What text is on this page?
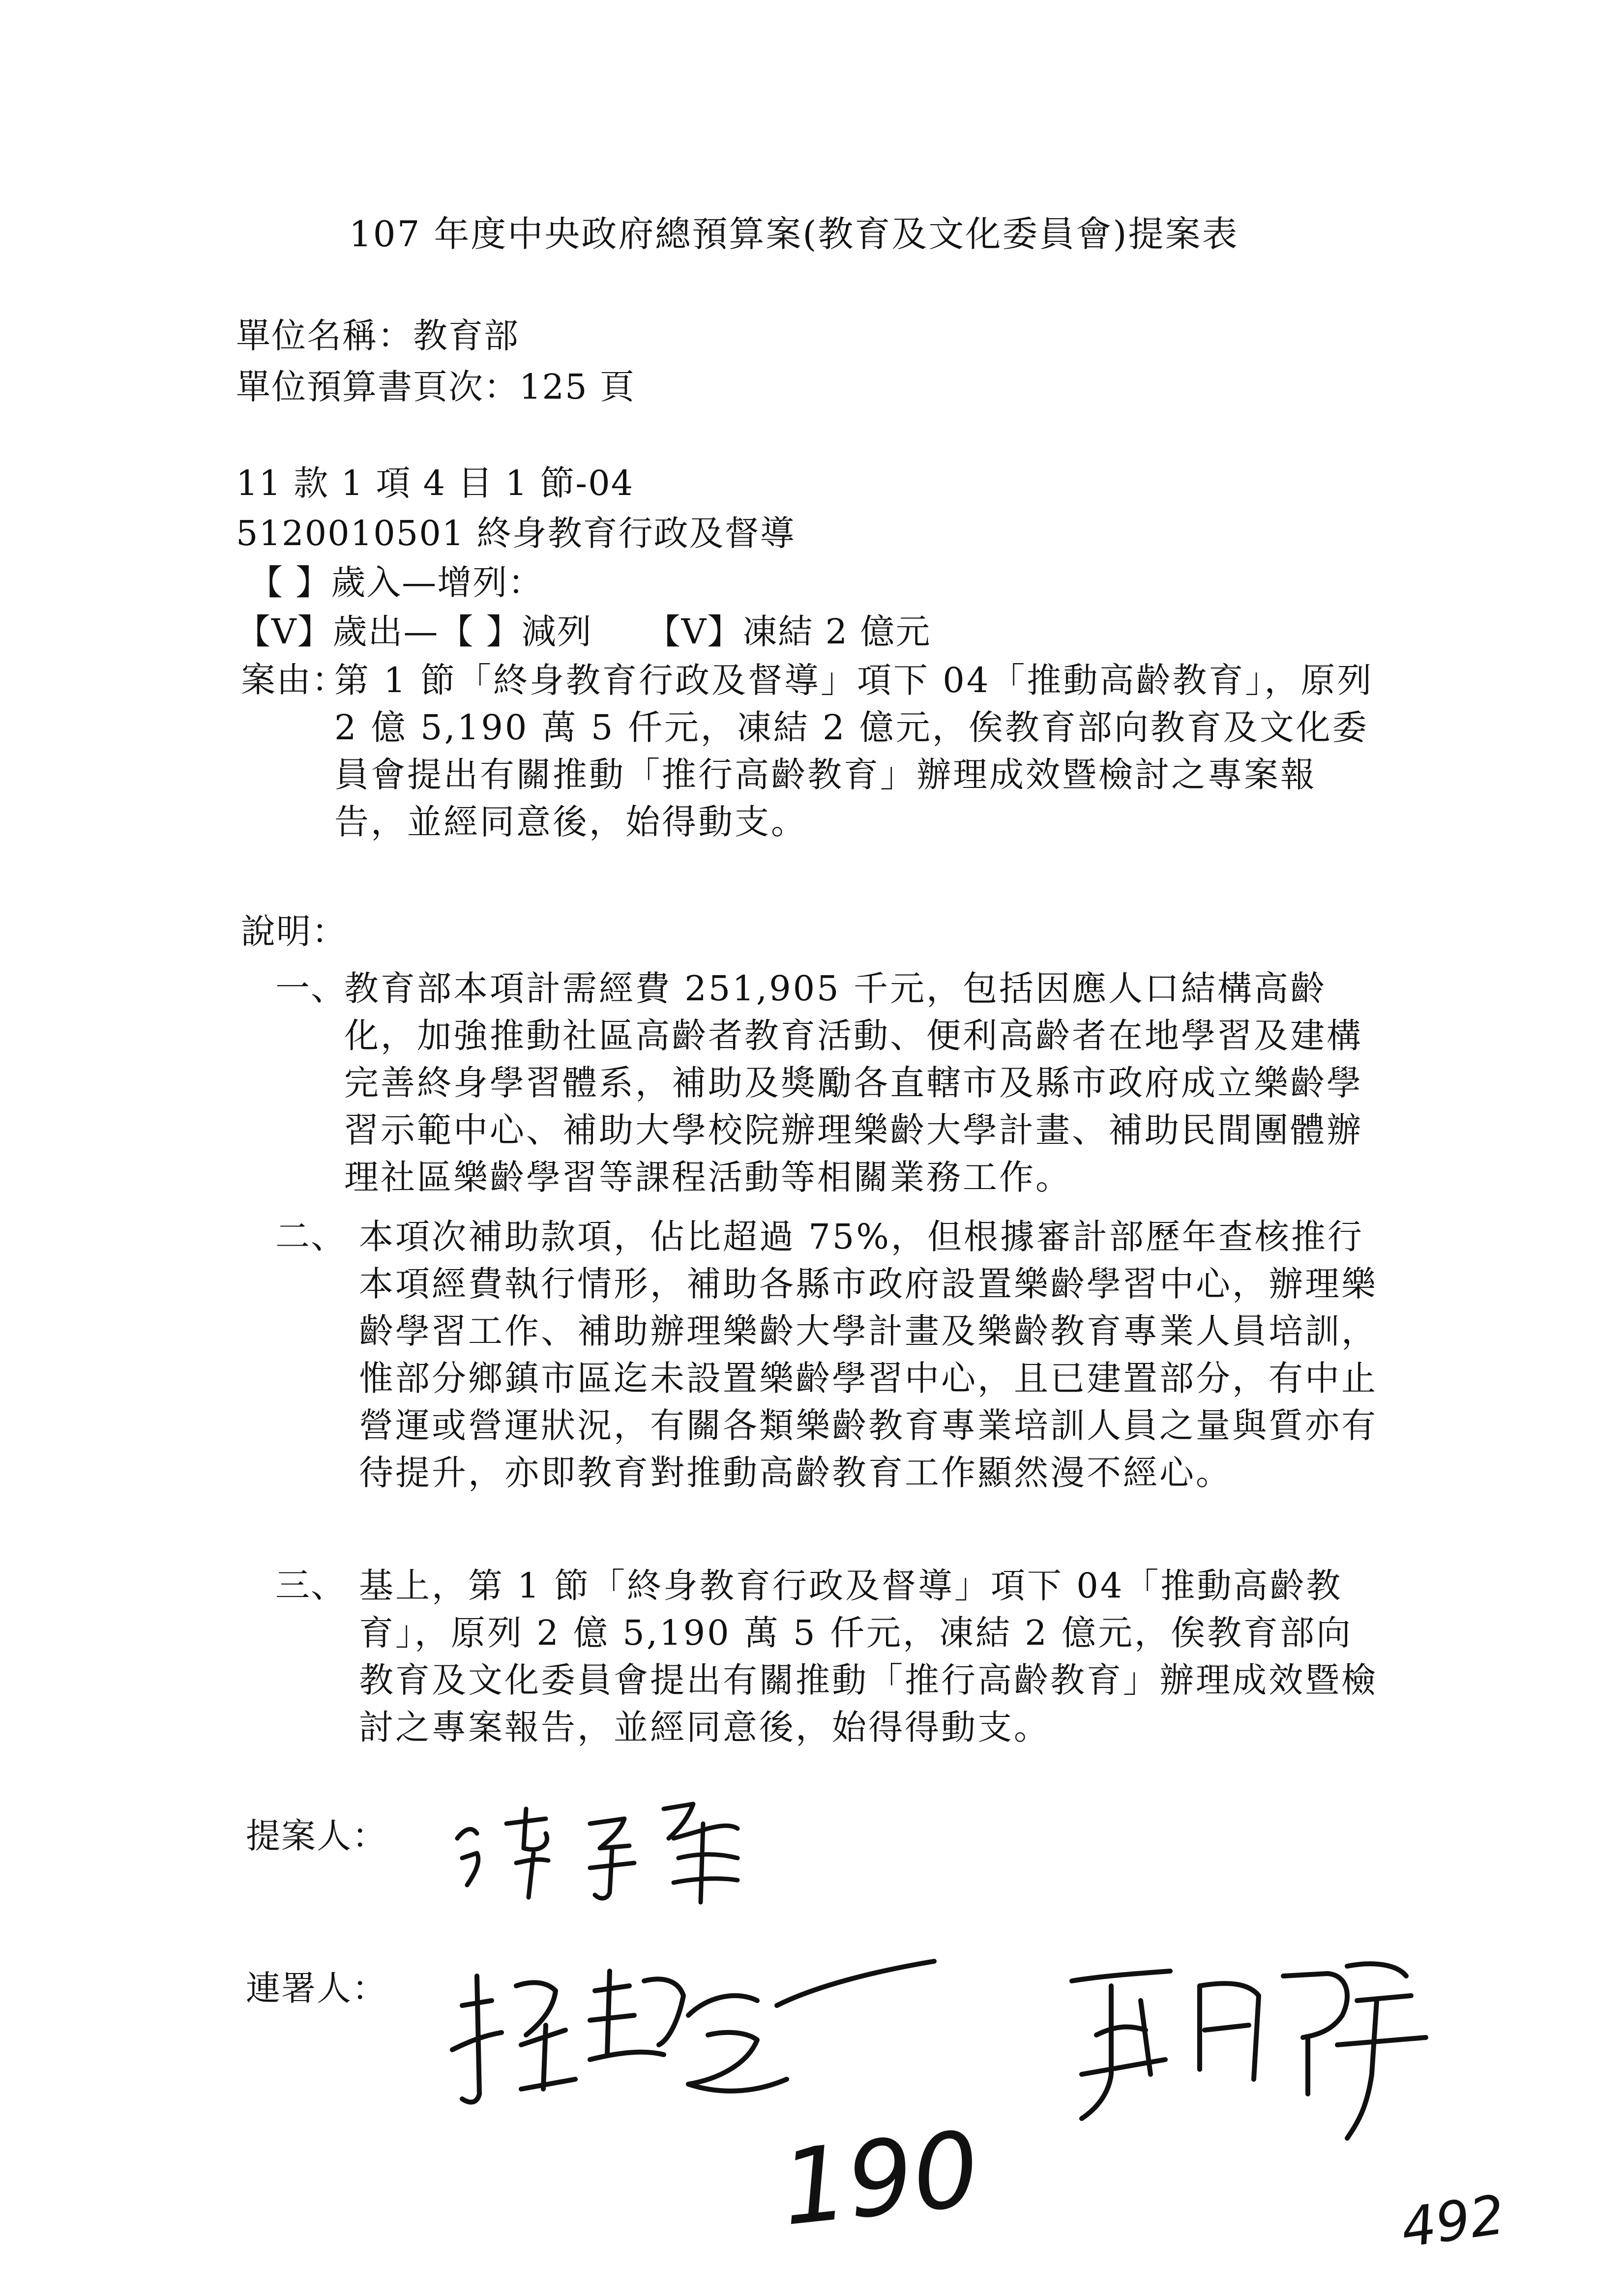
107 年度中央政府總預算案(教育及文化委員會)提案表
單位名稱：教育部
單位預算書頁次：125 頁
11 款 1 項 4 目 1 節-04
5120010501 終身教育行政及督導
【 】歲入—增列：
【V】歲出—【 】減列　　【V】凍結 2 億元
案由：
第 1 節「終身教育行政及督導」項下 04「推動高齡教育」，原列 2 億 5,190 萬 5 仟元，凍結 2 億元，俟教育部向教育及文化委員會提出有關推動「推行高齡教育」辦理成效暨檢討之專案報告，並經同意後，始得動支。
說明：
一、
教育部本項計需經費 251,905 千元，包括因應人口結構高齡化，加強推動社區高齡者教育活動、便利高齡者在地學習及建構完善終身學習體系，補助及獎勵各直轄市及縣市政府成立樂齡學習示範中心、補助大學校院辦理樂齡大學計畫、補助民間團體辦理社區樂齡學習等課程活動等相關業務工作。
二、 本項次補助款項，佔比超過 75%，但根據審計部歷年查核推行本項經費執行情形，補助各縣市政府設置樂齡學習中心，辦理樂齡學習工作、補助辦理樂齡大學計畫及樂齡教育專業人員培訓，惟部分鄉鎮市區迄未設置樂齡學習中心，且已建置部分，有中止營運或營運狀況，有關各類樂齡教育專業培訓人員之量與質亦有待提升，亦即教育對推動高齡教育工作顯然漫不經心。
三、 基上，第 1 節「終身教育行政及督導」項下 04「推動高齡教育」，原列 2 億 5,190 萬 5 仟元，凍結 2 億元，俟教育部向教育及文化委員會提出有關推動「推行高齡教育」辦理成效暨檢討之專案報告，並經同意後，始得得動支。
提案人：
連署人：
190	492
